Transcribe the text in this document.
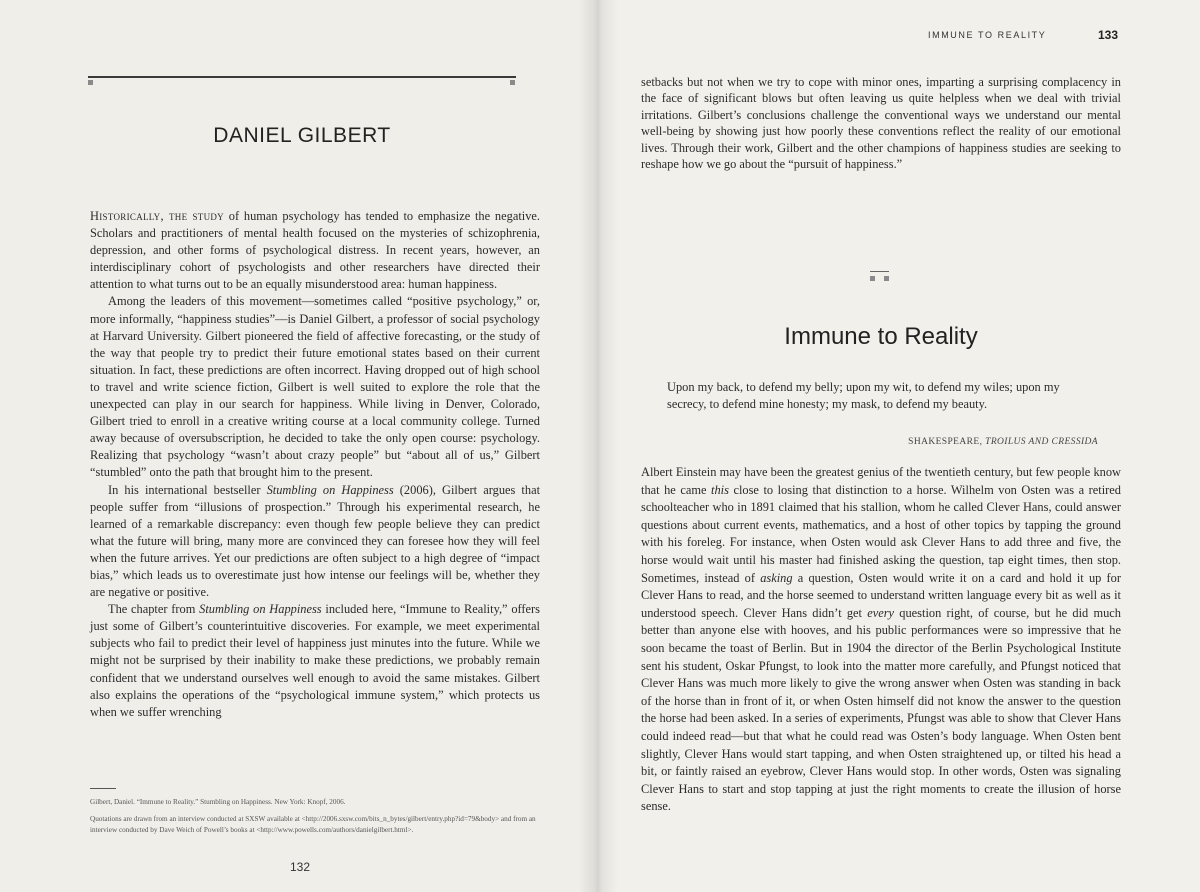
DANIEL GILBERT

Historically, the study of human psychology has tended to emphasize the negative. Scholars and practitioners of mental health focused on the mysteries of schizophrenia, depression, and other forms of psychological distress. In recent years, however, an interdisciplinary cohort of psychologists and other researchers have directed their attention to what turns out to be an equally misunderstood area: human happiness.

Among the leaders of this movement—sometimes called “positive psychology,” or, more informally, “happiness studies”—is Daniel Gilbert, a professor of social psychology at Harvard University. Gilbert pioneered the field of affective forecasting, or the study of the way that people try to predict their future emotional states based on their current situation. In fact, these predictions are often incorrect. Having dropped out of high school to travel and write science fiction, Gilbert is well suited to explore the role that the unexpected can play in our search for happiness. While living in Denver, Colorado, Gilbert tried to enroll in a creative writing course at a local community college. Turned away because of oversubscription, he decided to take the only open course: psychology. Realizing that psychology “wasn’t about crazy people” but “about all of us,” Gilbert “stumbled” onto the path that brought him to the present.

In his international bestseller Stumbling on Happiness (2006), Gilbert argues that people suffer from “illusions of prospection.” Through his experimental research, he learned of a remarkable discrepancy: even though few people believe they can predict what the future will bring, many more are convinced they can foresee how they will feel when the future arrives. Yet our predictions are often subject to a high degree of “impact bias,” which leads us to overestimate just how intense our feelings will be, whether they are negative or positive.

The chapter from Stumbling on Happiness included here, “Immune to Reality,” offers just some of Gilbert’s counterintuitive discoveries. For example, we meet experimental subjects who fail to predict their level of happiness just minutes into the future. While we might not be surprised by their inability to make these predictions, we probably remain confident that we understand ourselves well enough to avoid the same mistakes. Gilbert also explains the operations of the “psychological immune system,” which protects us when we suffer wrenching

Gilbert, Daniel. “Immune to Reality.” Stumbling on Happiness. New York: Knopf, 2006.

Quotations are drawn from an interview conducted at SXSW available at <http://2006.sxsw.com/bits_n_bytes/gilbert/entry.php?id=79&body> and from an interview conducted by Dave Weich of Powell’s books at <http://www.powells.com/authors/danielgilbert.html>.

132
IMMUNE TO REALITY	133
setbacks but not when we try to cope with minor ones, imparting a surprising complacency in the face of significant blows but often leaving us quite helpless when we deal with trivial irritations. Gilbert’s conclusions challenge the conventional ways we understand our mental well-being by showing just how poorly these conventions reflect the reality of our emotional lives. Through their work, Gilbert and the other champions of happiness studies are seeking to reshape how we go about the “pursuit of happiness.”
Immune to Reality
Upon my back, to defend my belly; upon my wit, to defend my wiles; upon my secrecy, to defend mine honesty; my mask, to defend my beauty.
SHAKESPEARE, TROILUS AND CRESSIDA

Albert Einstein may have been the greatest genius of the twentieth century, but few people know that he came this close to losing that distinction to a horse. Wilhelm von Osten was a retired schoolteacher who in 1891 claimed that his stallion, whom he called Clever Hans, could answer questions about current events, mathematics, and a host of other topics by tapping the ground with his foreleg. For instance, when Osten would ask Clever Hans to add three and five, the horse would wait until his master had finished asking the question, tap eight times, then stop. Sometimes, instead of asking a question, Osten would write it on a card and hold it up for Clever Hans to read, and the horse seemed to understand written language every bit as well as it understood speech. Clever Hans didn’t get every question right, of course, but he did much better than anyone else with hooves, and his public performances were so impressive that he soon became the toast of Berlin. But in 1904 the director of the Berlin Psychological Institute sent his student, Oskar Pfungst, to look into the matter more carefully, and Pfungst noticed that Clever Hans was much more likely to give the wrong answer when Osten was standing in back of the horse than in front of it, or when Osten himself did not know the answer to the question the horse had been asked. In a series of experiments, Pfungst was able to show that Clever Hans could indeed read—but that what he could read was Osten’s body language. When Osten bent slightly, Clever Hans would start tapping, and when Osten straightened up, or tilted his head a bit, or faintly raised an eyebrow, Clever Hans would stop. In other words, Osten was signaling Clever Hans to start and stop tapping at just the right moments to create the illusion of horse sense.
